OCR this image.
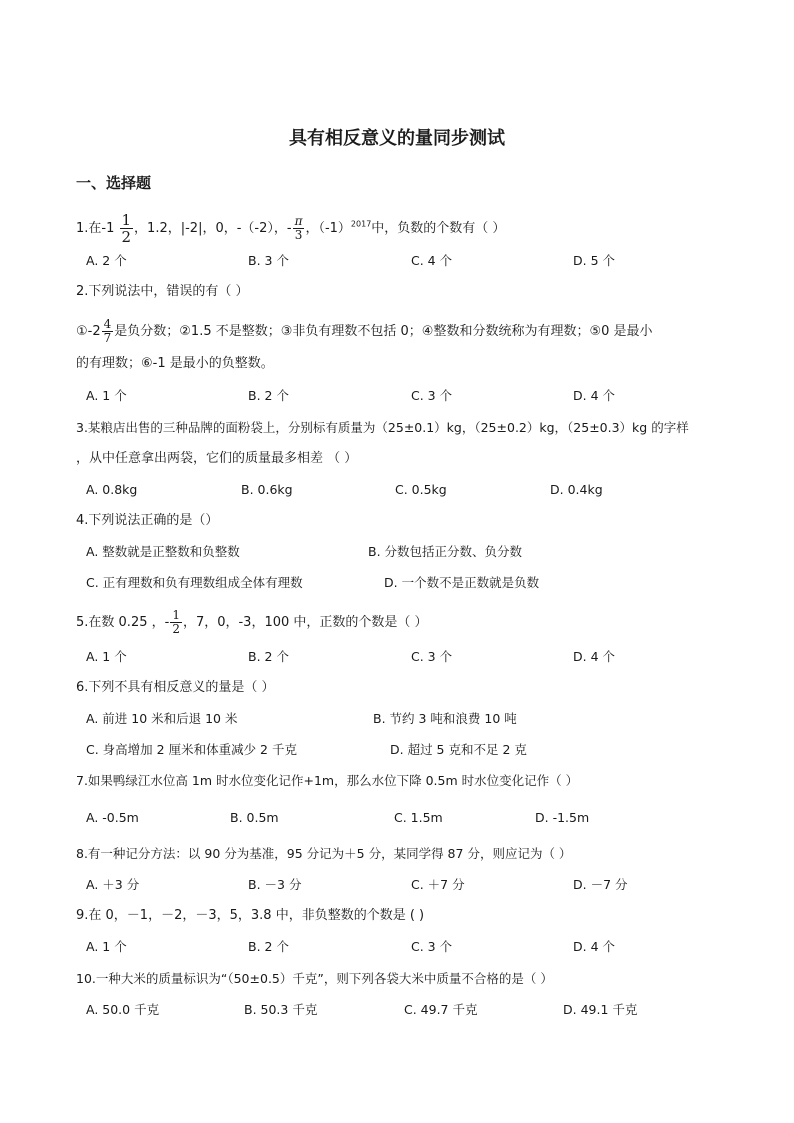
具有相反意义的量同步测试
一、选择题
1.在$-1 \frac{1}{2}$ ，1.2，|-2|，0，-（-2），- $\frac{\pi}{3}$ ，$(-1)^{2017}$中，负数的个数有（ ）
A. 2 个	B. 3 个	C. 4 个	D. 5 个
2.下列说法中，错误的有（ ）
①-2 $\frac{4}{7}$ 是负分数；②1.5 不是整数；③非负有理数不包括 0；④整数和分数统称为有理数；⑤0 是最小
的有理数；⑥-1 是最小的负整数。
A. 1 个	B. 2 个	C. 3 个	D. 4 个
3.某粮店出售的三种品牌的面粉袋上，分别标有质量为（25±0.1）kg，（25±0.2）kg，（25±0.3）kg 的字样
，从中任意拿出两袋，它们的质量最多相差 （ ）
A. 0.8kg	B. 0.6kg	C. 0.5kg	D. 0.4kg
4.下列说法正确的是（）
A. 整数就是正整数和负整数	B. 分数包括正分数、负分数
C. 正有理数和负有理数组成全体有理数	D. 一个数不是正数就是负数
5.在数 0.25 ，- $\frac{1}{2}$ ，7，0，-3，100 中，正数的个数是（ ）
A. 1 个	B. 2 个	C. 3 个	D. 4 个
6.下列不具有相反意义的量是（ ）
A. 前进 10 米和后退 10 米	B. 节约 3 吨和浪费 10 吨
C. 身高增加 2 厘米和体重减少 2 千克	D. 超过 5 克和不足 2 克
7.如果鸭绿江水位高 1m 时水位变化记作+1m，那么水位下降 0.5m 时水位变化记作（ ）
A. -0.5m	B. 0.5m	C. 1.5m	D. -1.5m
8.有一种记分方法：以 90 分为基准，95 分记为＋5 分，某同学得 87 分，则应记为（ ）
A. ＋3 分	B. －3 分	C. ＋7 分	D. －7 分
9.在 0，－1，－2，－3，5，3.8 中，非负整数的个数是 ( )
A. 1 个	B. 2 个	C. 3 个	D. 4 个
10.一种大米的质量标识为“（50±0.5）千克”，则下列各袋大米中质量不合格的是（ ）
A. 50.0 千克	B. 50.3 千克	C. 49.7 千克	D. 49.1 千克
